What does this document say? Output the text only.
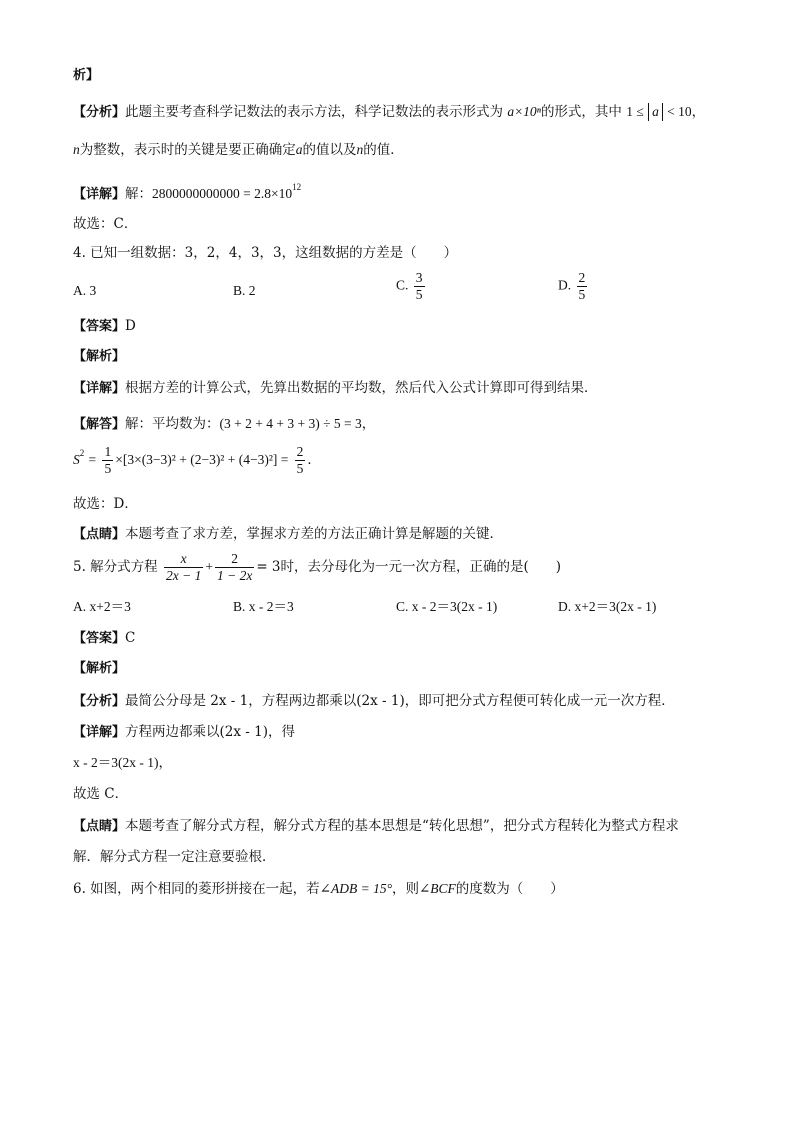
析】
【分析】此题主要考查科学记数法的表示方法，科学记数法的表示形式为 a×10ⁿ的形式，其中 1 ≤ a < 10，
n为整数，表示时的关键是要正确确定a的值以及n的值．
【详解】解：$2800000000000 = 2.8\times 10^{12}$
故选：C．
4. 已知一组数据：3，2，4，3，3，这组数据的方差是（　　）
A. 3	B. 2	C. $\frac{3}{5}$	D. $\frac{2}{5}$
【答案】D
【解析】
【详解】根据方差的计算公式，先算出数据的平均数，然后代入公式计算即可得到结果．
【解答】解：平均数为：(3 + 2 + 4 + 3 + 3) ÷ 5 = 3，
$S^2 = \frac{1}{5} \times[3\times(3-3)^2 + (2-3)^2 + (4-3)^2] = \frac{2}{5}$ ．
故选：D．
【点睛】本题考查了求方差，掌握求方差的方法正确计算是解题的关键．
5. 解分式方程 $\frac{x}{2x - 1} + \frac{2}{1 - 2x} = 3$时，去分母化为一元一次方程，正确的是(　　)
A. x+2＝3	B. x - 2＝3	C. x - 2＝3(2x - 1)	D. x+2＝3(2x - 1)
【答案】C
【解析】
【分析】最简公分母是 2x - 1，方程两边都乘以(2x - 1)，即可把分式方程便可转化成一元一次方程．
【详解】方程两边都乘以(2x - 1)，得
x - 2＝3(2x - 1)，
故选 C．
【点睛】本题考查了解分式方程，解分式方程的基本思想是“转化思想”，把分式方程转化为整式方程求
解．解分式方程一定注意要验根．
6. 如图，两个相同的菱形拼接在一起，若∠ADB = 15°，则∠BCF的度数为（　　）
